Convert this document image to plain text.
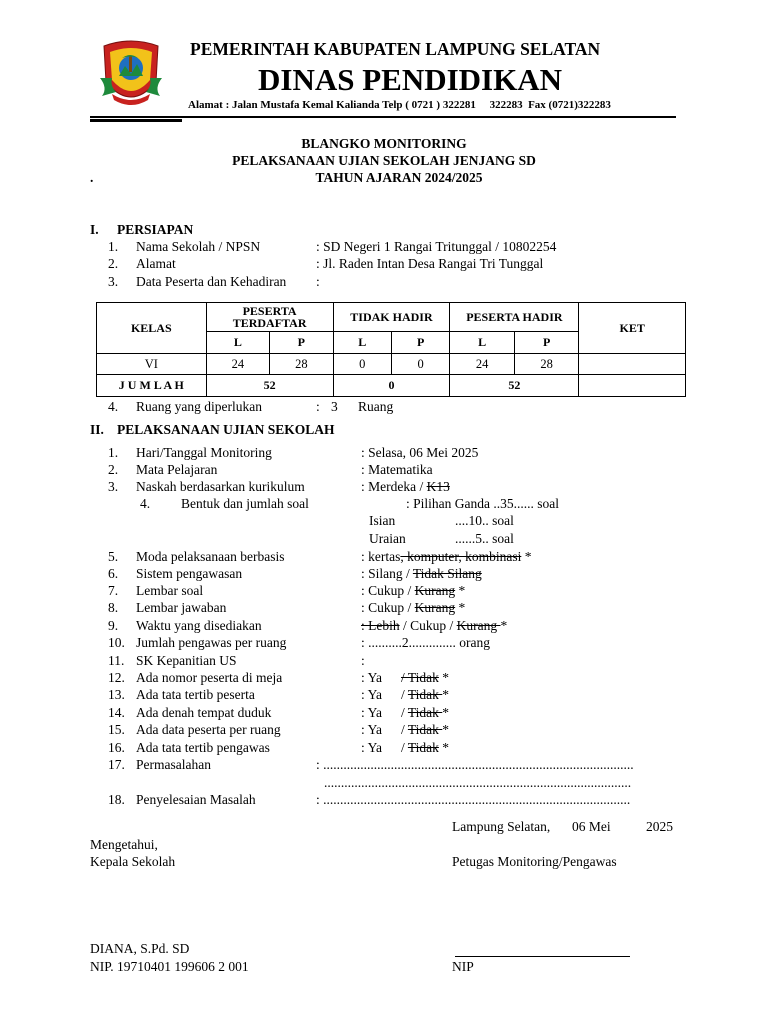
PEMERINTAH KABUPATEN LAMPUNG SELATAN
DINAS PENDIDIKAN
Alamat : Jalan Mustafa Kemal Kalianda Telp ( 0721 ) 322281     322283  Fax (0721)322283
BLANGKO MONITORING
PELAKSANAAN UJIAN SEKOLAH JENJANG SD
.	TAHUN AJARAN 2024/2025
I. PERSIAPAN
1. Nama Sekolah / NPSN	: SD Negeri 1 Rangai Tritunggal / 10802254
2. Alamat	: Jl. Raden Intan Desa Rangai Tri Tunggal
3. Data Peserta dan Kehadiran :
KELAS	PESERTA TERDAFTAR		TIDAK HADIR		PESERTA HADIR		KET
	L	P	L	P	L	P	
VI	24	28	0	0	24	28	
J U M L A H	52		0		52		
4. Ruang yang diperlukan	: 3 Ruang
II. PELAKSANAAN UJIAN SEKOLAH
1. Hari/Tanggal Monitoring	: Selasa, 06 Mei 2025
2. Mata Pelajaran	: Matematika
3. Naskah berdasarkan kurikulum	: Merdeka / K13
4. Bentuk dan jumlah soal	: Pilihan Ganda ..35...... soal
Isian	....10.. soal
Uraian	......5.. soal
5. Moda pelaksanaan berbasis	: kertas, komputer, kombinasi *
6. Sistem pengawasan	: Silang / Tidak Silang
7. Lembar soal	: Cukup / Kurang *
8. Lembar jawaban	: Cukup / Kurang *
9. Waktu yang disediakan	: Lebih / Cukup / Kurang *
10. Jumlah pengawas per ruang	: ..........2.............. orang
11. SK Kepanitian US	:
12. Ada nomor peserta di meja	: Ya / Tidak *
13. Ada tata tertib peserta	: Ya / Tidak *
14. Ada denah tempat duduk	: Ya / Tidak *
15. Ada data peserta per ruang	: Ya / Tidak *
16. Ada tata tertib pengawas	: Ya / Tidak *
17. Permasalahan	: ............................................................................................
...........................................................................................
18. Penyelesaian Masalah	: ...........................................................................................
Lampung Selatan, 06 Mei	2025
Mengetahui,
Kepala Sekolah	Petugas Monitoring/Pengawas
DIANA, S.Pd. SD
NIP. 19710401 199606 2 001	NIP
